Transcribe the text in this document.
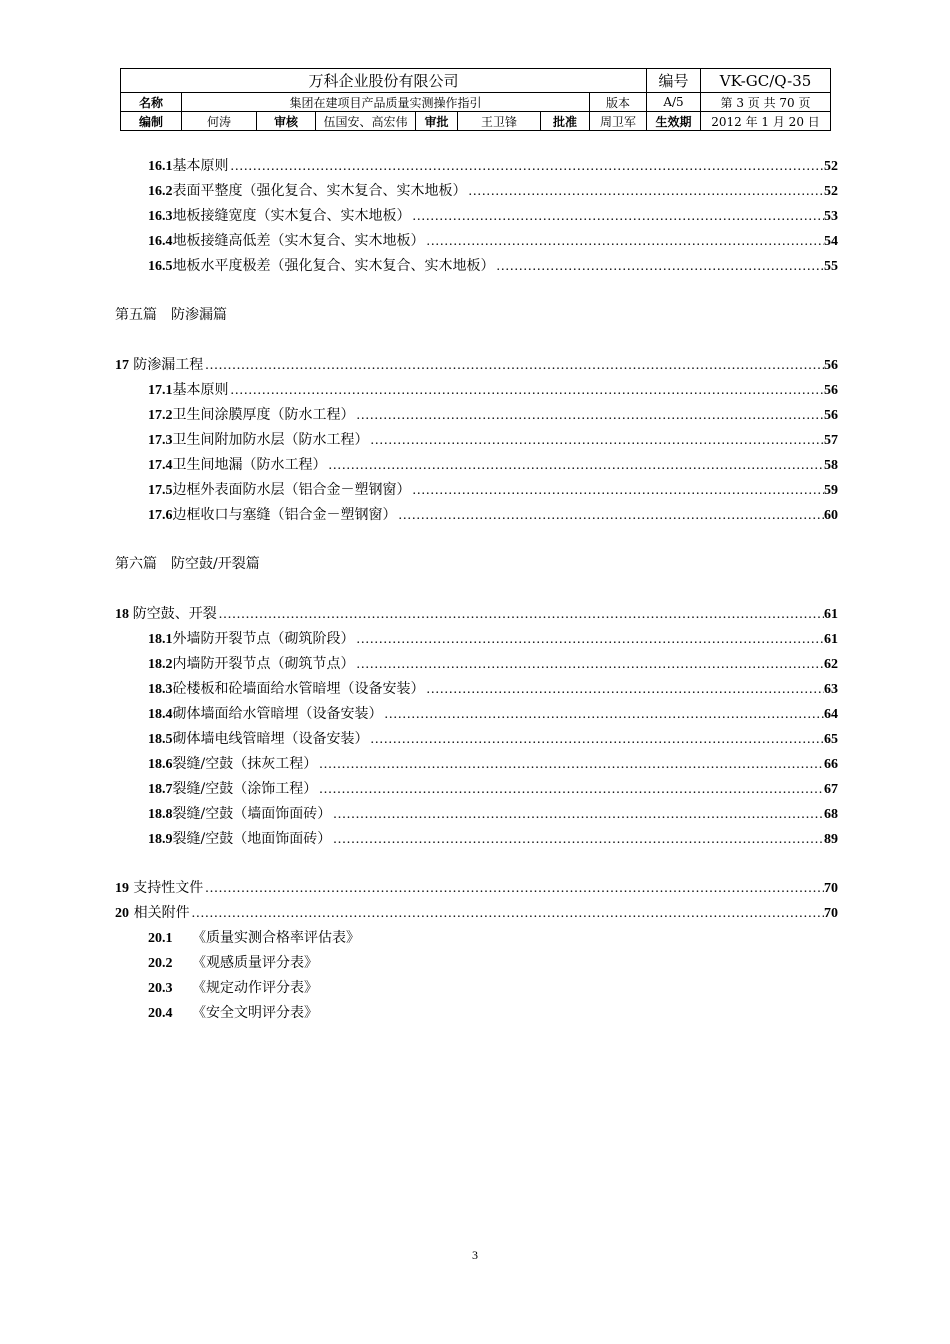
万科企业股份有限公司								编号	VK-GC/Q-35
名称	集团在建项目产品质量实测操作指引						版本	A/5	第 3 页 共 70 页
编制	何涛	审核	伍国安、高宏伟	审批	王卫锋	批准	周卫军	生效期	2012 年 1 月 20 日
16.1 基本原则 .....	52
16.2 表面平整度（强化复合、实木复合、实木地板） .....	52
16.3 地板接缝宽度（实木复合、实木地板） .....	53
16.4 地板接缝高低差（实木复合、实木地板） .....	54
16.5 地板水平度极差（强化复合、实木复合、实木地板） .....	55
第五篇 防渗漏篇
17 防渗漏工程 .....	56
17.1 基本原则 .....	56
17.2 卫生间涂膜厚度（防水工程） .....	56
17.3 卫生间附加防水层（防水工程） .....	57
17.4 卫生间地漏（防水工程） .....	58
17.5 边框外表面防水层（铝合金－塑钢窗） .....	59
17.6 边框收口与塞缝（铝合金－塑钢窗） .....	60
第六篇 防空鼓/开裂篇
18 防空鼓、开裂 .....	61
18.1 外墙防开裂节点（砌筑阶段） .....	61
18.2 内墙防开裂节点（砌筑节点） .....	62
18.3 砼楼板和砼墙面给水管暗埋（设备安装） .....	63
18.4 砌体墙面给水管暗埋（设备安装） .....	64
18.5 砌体墙电线管暗埋（设备安装） .....	65
18.6 裂缝/空鼓（抹灰工程） .....	66
18.7 裂缝/空鼓（涂饰工程） .....	67
18.8 裂缝/空鼓（墙面饰面砖） .....	68
18.9 裂缝/空鼓（地面饰面砖） .....	89
19 支持性文件 .....	70
20 相关附件 .....	70
20.1	《质量实测合格率评估表》
20.2	《观感质量评分表》
20.3	《规定动作评分表》
20.4	《安全文明评分表》
3
